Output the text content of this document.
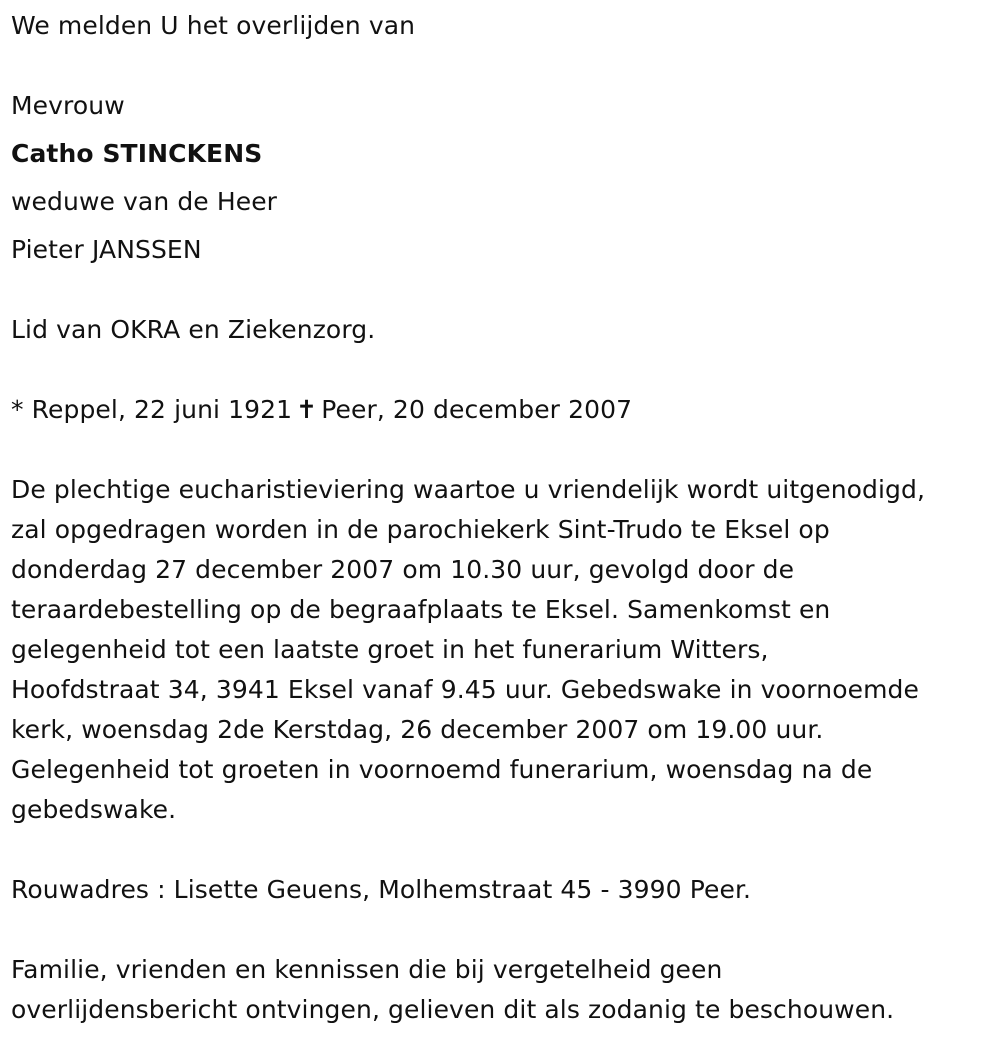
We melden U het overlijden van
Mevrouw
Catho STINCKENS
weduwe van de Heer
Pieter JANSSEN
Lid van OKRA en Ziekenzorg.
* Reppel, 22 juni 1921 ✝ Peer, 20 december 2007
De plechtige eucharistieviering waartoe u vriendelijk wordt uitgenodigd,
zal opgedragen worden in de parochiekerk Sint-Trudo te Eksel op
donderdag 27 december 2007 om 10.30 uur, gevolgd door de
teraardebestelling op de begraafplaats te Eksel. Samenkomst en
gelegenheid tot een laatste groet in het funerarium Witters,
Hoofdstraat 34, 3941 Eksel vanaf 9.45 uur. Gebedswake in voornoemde
kerk, woensdag 2de Kerstdag, 26 december 2007 om 19.00 uur.
Gelegenheid tot groeten in voornoemd funerarium, woensdag na de
gebedswake.
Rouwadres : Lisette Geuens, Molhemstraat 45 - 3990 Peer.
Familie, vrienden en kennissen die bij vergetelheid geen
overlijdensbericht ontvingen, gelieven dit als zodanig te beschouwen.
